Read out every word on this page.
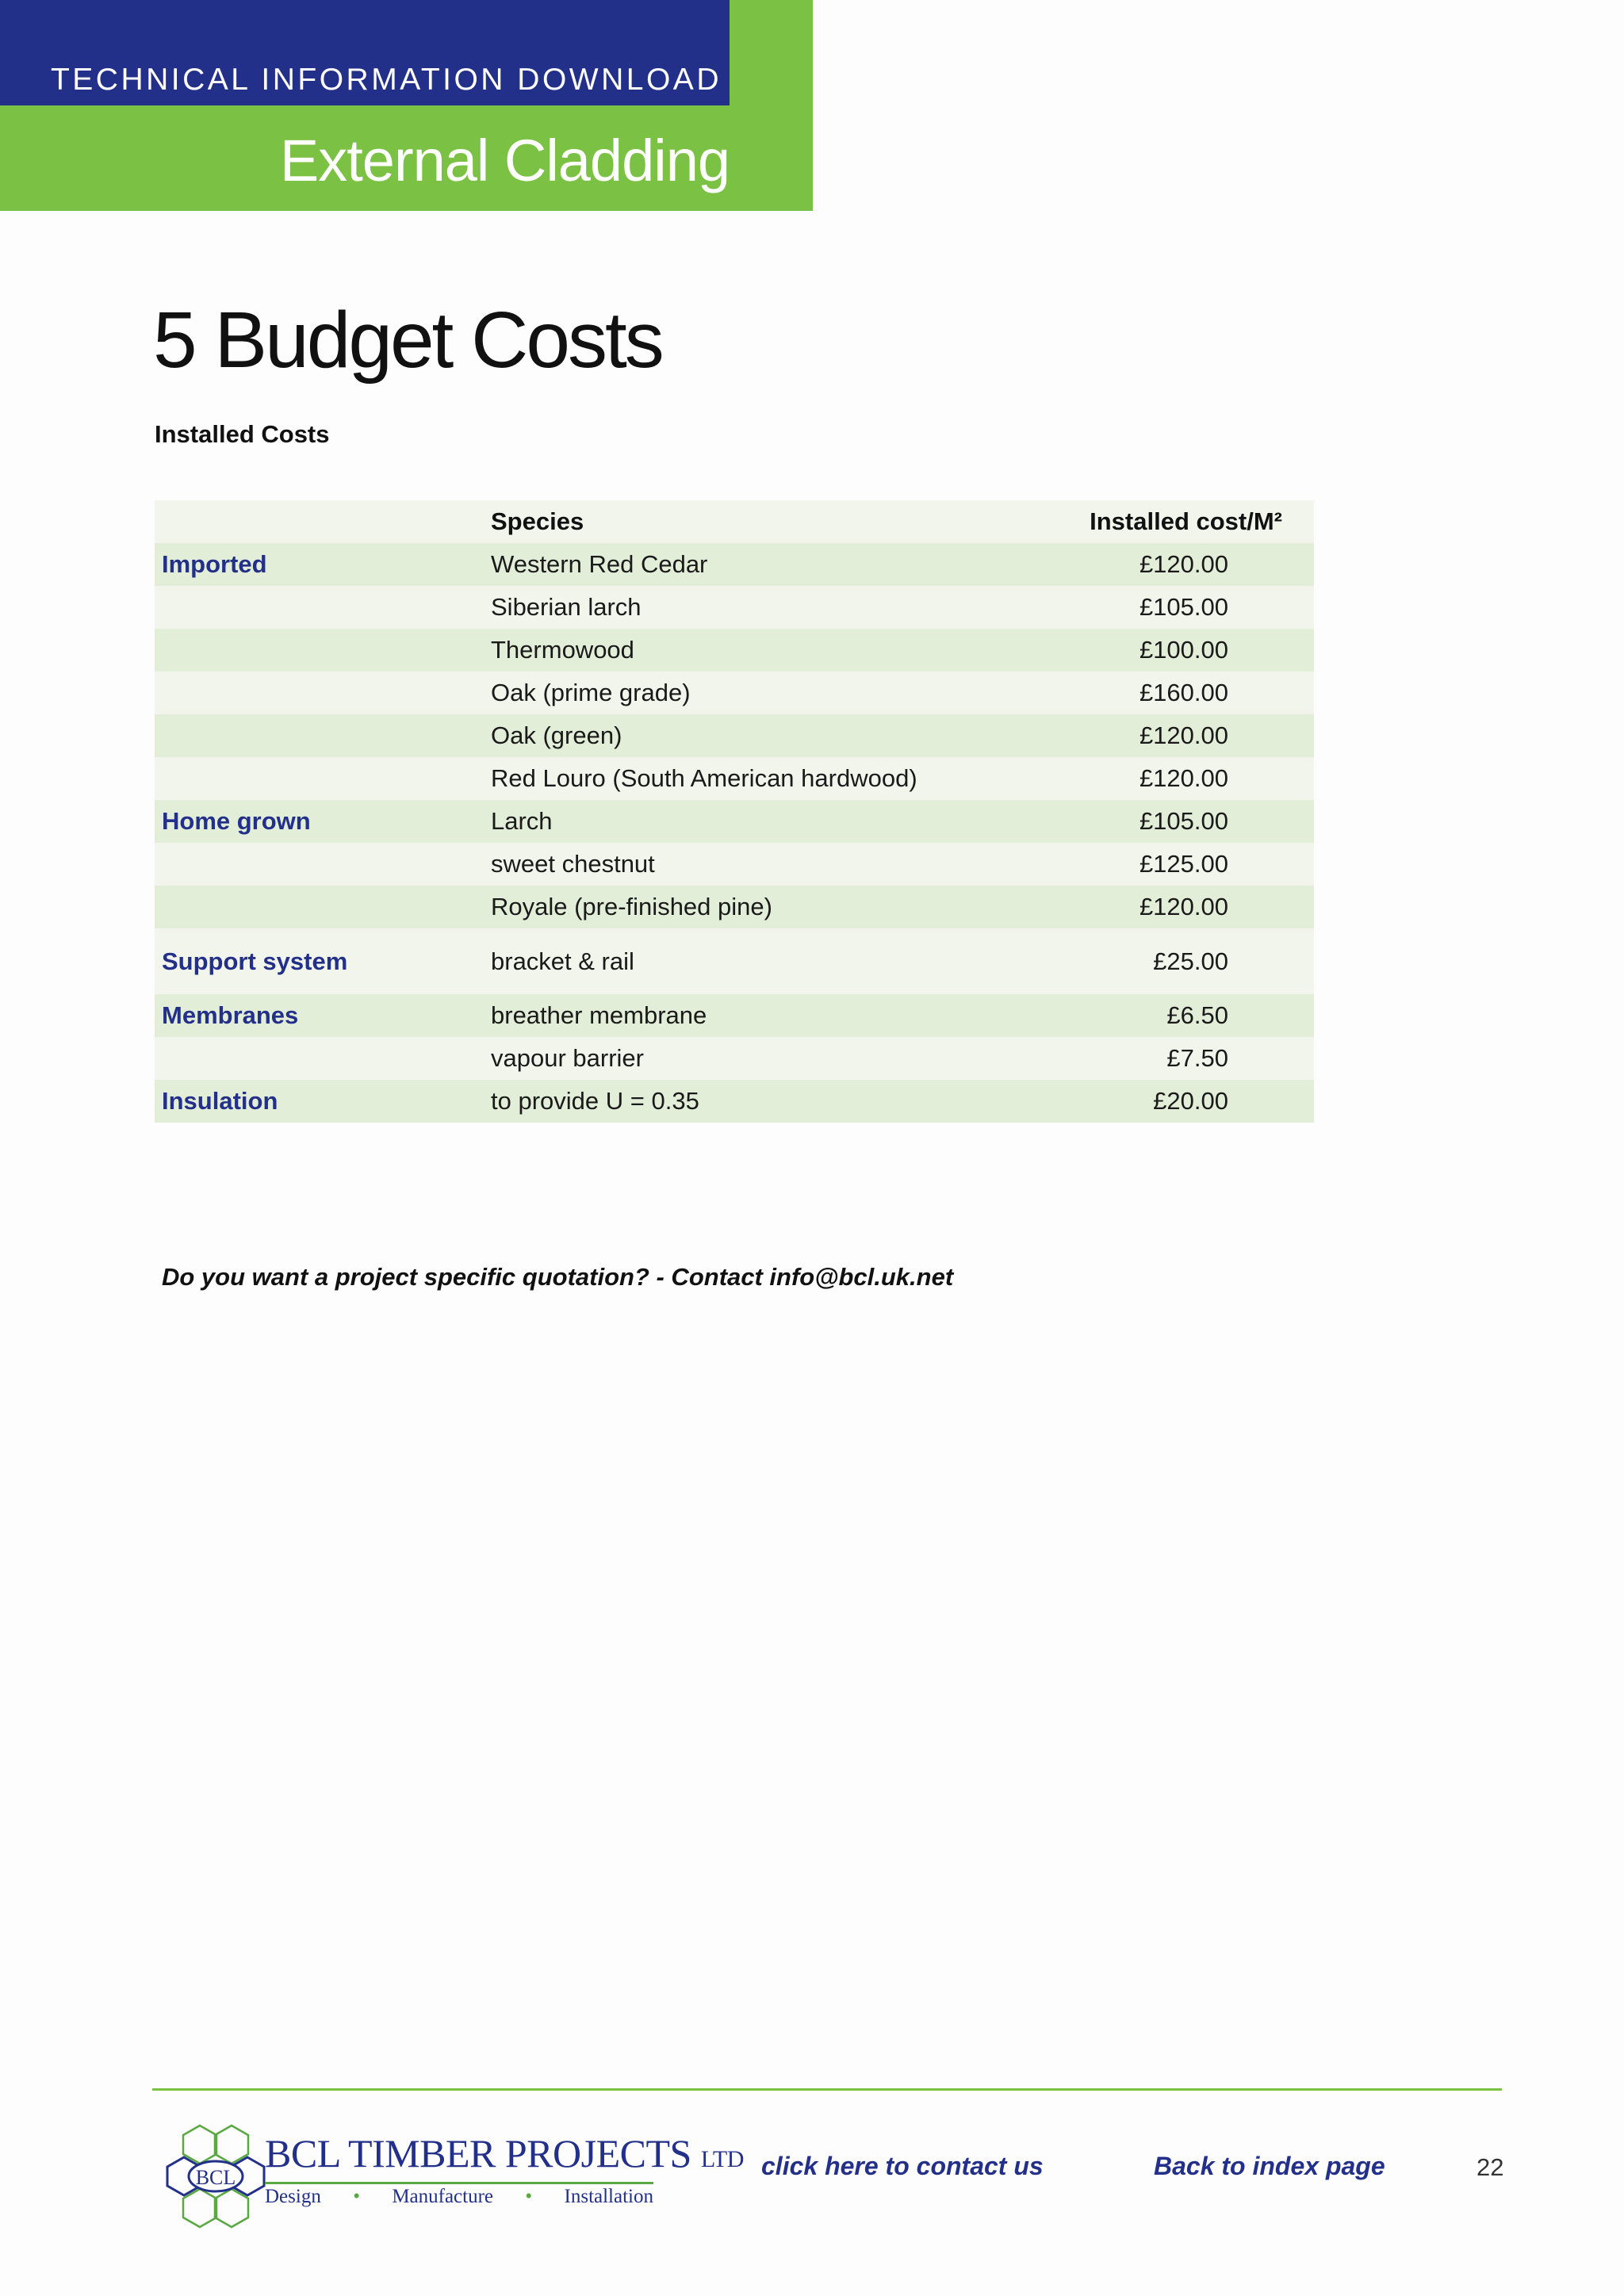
TECHNICAL INFORMATION DOWNLOAD
External Cladding
5 Budget Costs
Installed Costs
	Species	Installed cost/M²
Imported	Western Red Cedar	£120.00
	Siberian larch	£105.00
	Thermowood	£100.00
	Oak (prime grade)	£160.00
	Oak (green)	£120.00
	Red Louro (South American hardwood)	£120.00
Home grown	Larch	£105.00
	sweet chestnut	£125.00
	Royale (pre-finished pine)	£120.00
Support system	bracket & rail	£25.00
Membranes	breather membrane	£6.50
	vapour barrier	£7.50
Insulation	to provide U = 0.35	£20.00
Do you want a project specific quotation? - Contact info@bcl.uk.net
BCL
BCL TIMBER PROJECTS LTD
Design • Manufacture • Installation
click here to contact us	Back to index page	22
